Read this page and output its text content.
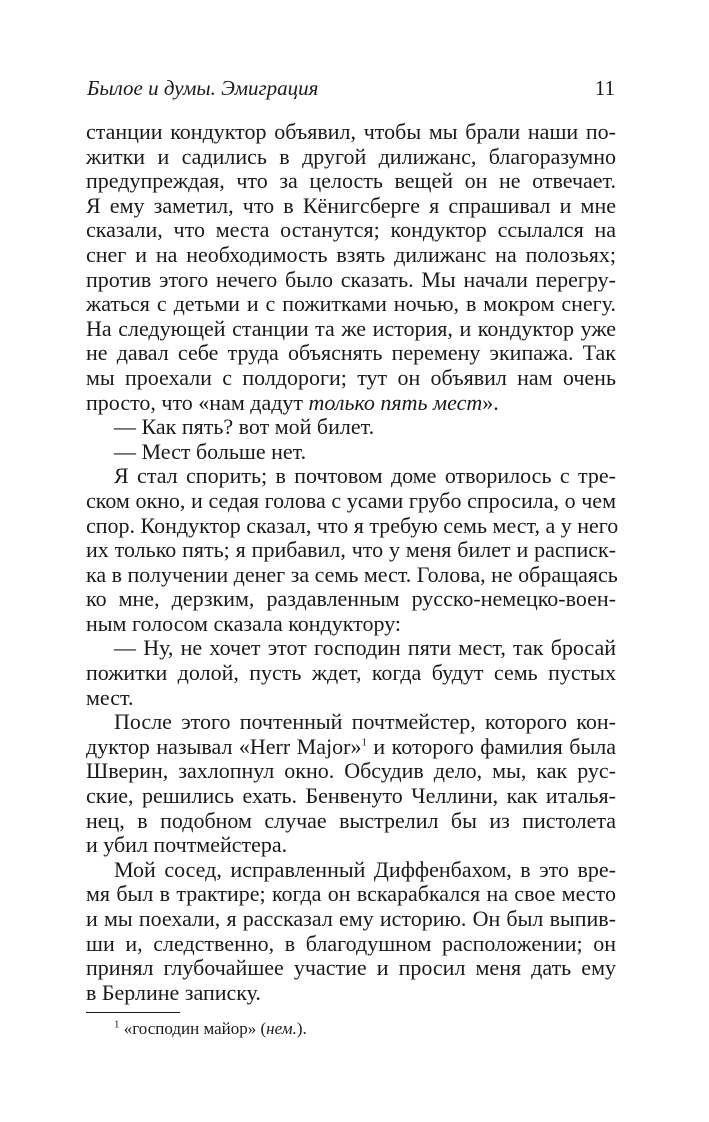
Былое и думы. Эмиграция	11
станции кондуктор объявил, чтобы мы брали наши по-
житки и садились в другой дилижанс, благоразумно
предупреждая, что за целость вещей он не отвечает.
Я ему заметил, что в Кёнигсберге я спрашивал и мне
сказали, что места останутся; кондуктор ссылался на
снег и на необходимость взять дилижанс на полозьях;
против этого нечего было сказать. Мы начали перегру-
жаться с детьми и с пожитками ночью, в мокром снегу.
На следующей станции та же история, и кондуктор уже
не давал себе труда объяснять перемену экипажа. Так
мы проехали с полдороги; тут он объявил нам очень
просто, что «нам дадут только пять мест».
— Как пять? вот мой билет.
— Мест больше нет.
Я стал спорить; в почтовом доме отворилось с тре-
ском окно, и седая голова с усами грубо спросила, о чем
спор. Кондуктор сказал, что я требую семь мест, а у него
их только пять; я прибавил, что у меня билет и расписк-
ка в получении денег за семь мест. Голова, не обращаясь
ко мне, дерзким, раздавленным русско-немецко-воен-
ным голосом сказала кондуктору:
— Ну, не хочет этот господин пяти мест, так бросай
пожитки долой, пусть ждет, когда будут семь пустых
мест.
После этого почтенный почтмейстер, которого кон-
дуктор называл «Herr Major»$^1$ и которого фамилия была
Шверин, захлопнул окно. Обсудив дело, мы, как рус-
ские, решились ехать. Бенвенуто Челлини, как италья-
нец, в подобном случае выстрелил бы из пистолета
и убил почтмейстера.
Мой сосед, исправленный Диффенбахом, в это вре-
мя был в трактире; когда он вскарабкался на свое место
и мы поехали, я рассказал ему историю. Он был выпив-
ши и, следственно, в благодушном расположении; он
принял глубочайшее участие и просил меня дать ему
в Берлине записку.
$^1$ «господин майор» (нем.).
